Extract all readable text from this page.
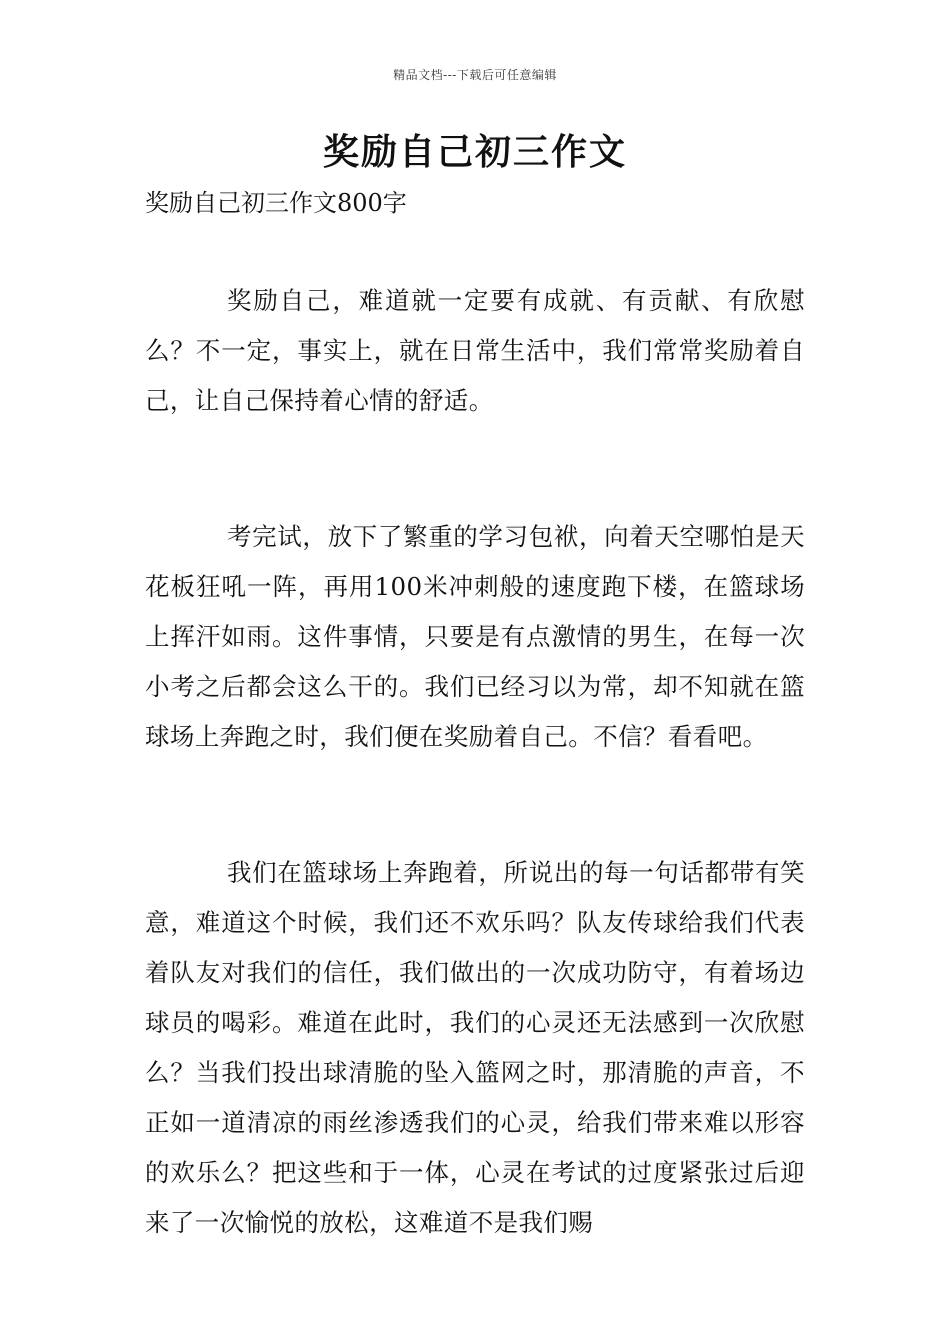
精品文档---下载后可任意编辑
奖励自己初三作文

奖励自己初三作文800字

奖励自己，难道就一定要有成就、有贡献、有欣慰么？不一定，事实上，就在日常生活中，我们常常奖励着自己，让自己保持着心情的舒适。

考完试，放下了繁重的学习包袱，向着天空哪怕是天花板狂吼一阵，再用100米冲刺般的速度跑下楼，在篮球场上挥汗如雨。这件事情，只要是有点激情的男生，在每一次小考之后都会这么干的。我们已经习以为常，却不知就在篮球场上奔跑之时，我们便在奖励着自己。不信？看看吧。

我们在篮球场上奔跑着，所说出的每一句话都带有笑意，难道这个时候，我们还不欢乐吗？队友传球给我们代表着队友对我们的信任，我们做出的一次成功防守，有着场边球员的喝彩。难道在此时，我们的心灵还无法感到一次欣慰么？当我们投出球清脆的坠入篮网之时，那清脆的声音，不正如一道清凉的雨丝渗透我们的心灵，给我们带来难以形容的欢乐么？把这些和于一体，心灵在考试的过度紧张过后迎来了一次愉悦的放松，这难道不是我们赐
